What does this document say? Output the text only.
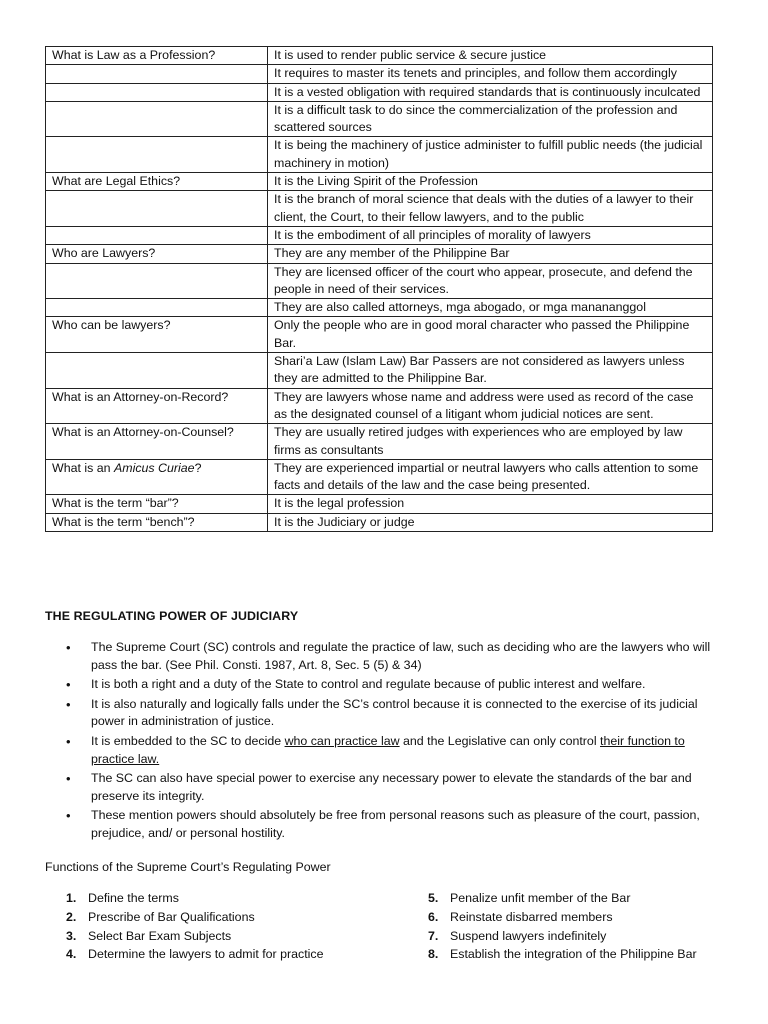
What is Law as a Profession?	It is used to render public service & secure justice
	It requires to master its tenets and principles, and follow them accordingly
	It is a vested obligation with required standards that is continuously inculcated
	It is a difficult task to do since the commercialization of the profession and scattered sources
	It is being the machinery of justice administer to fulfill public needs (the judicial machinery in motion)
What are Legal Ethics?	It is the Living Spirit of the Profession
	It is the branch of moral science that deals with the duties of a lawyer to their client, the Court, to their fellow lawyers, and to the public
	It is the embodiment of all principles of morality of lawyers
Who are Lawyers?	They are any member of the Philippine Bar
	They are licensed officer of the court who appear, prosecute, and defend the people in need of their services.
	They are also called attorneys, mga abogado, or mga manananggol
Who can be lawyers?	Only the people who are in good moral character who passed the Philippine Bar.
	Shari’a Law (Islam Law) Bar Passers are not considered as lawyers unless they are admitted to the Philippine Bar.
What is an Attorney-on-Record?	They are lawyers whose name and address were used as record of the case as the designated counsel of a litigant whom judicial notices are sent.
What is an Attorney-on-Counsel?	They are usually retired judges with experiences who are employed by law firms as consultants
What is an Amicus Curiae?	They are experienced impartial or neutral lawyers who calls attention to some facts and details of the law and the case being presented.
What is the term “bar”?	It is the legal profession
What is the term “bench”?	It is the Judiciary or judge
THE REGULATING POWER OF JUDICIARY
• The Supreme Court (SC) controls and regulate the practice of law, such as deciding who are the lawyers who will pass the bar. (See Phil. Consti. 1987, Art. 8, Sec. 5 (5) & 34)
• It is both a right and a duty of the State to control and regulate because of public interest and welfare.
• It is also naturally and logically falls under the SC’s control because it is connected to the exercise of its judicial power in administration of justice.
• It is embedded to the SC to decide who can practice law and the Legislative can only control their function to practice law.
• The SC can also have special power to exercise any necessary power to elevate the standards of the bar and preserve its integrity.
• These mention powers should absolutely be free from personal reasons such as pleasure of the court, passion, prejudice, and/ or personal hostility.
Functions of the Supreme Court’s Regulating Power
1. Define the terms
2. Prescribe of Bar Qualifications
3. Select Bar Exam Subjects
4. Determine the lawyers to admit for practice
5. Penalize unfit member of the Bar
6. Reinstate disbarred members
7. Suspend lawyers indefinitely
8. Establish the integration of the Philippine Bar
